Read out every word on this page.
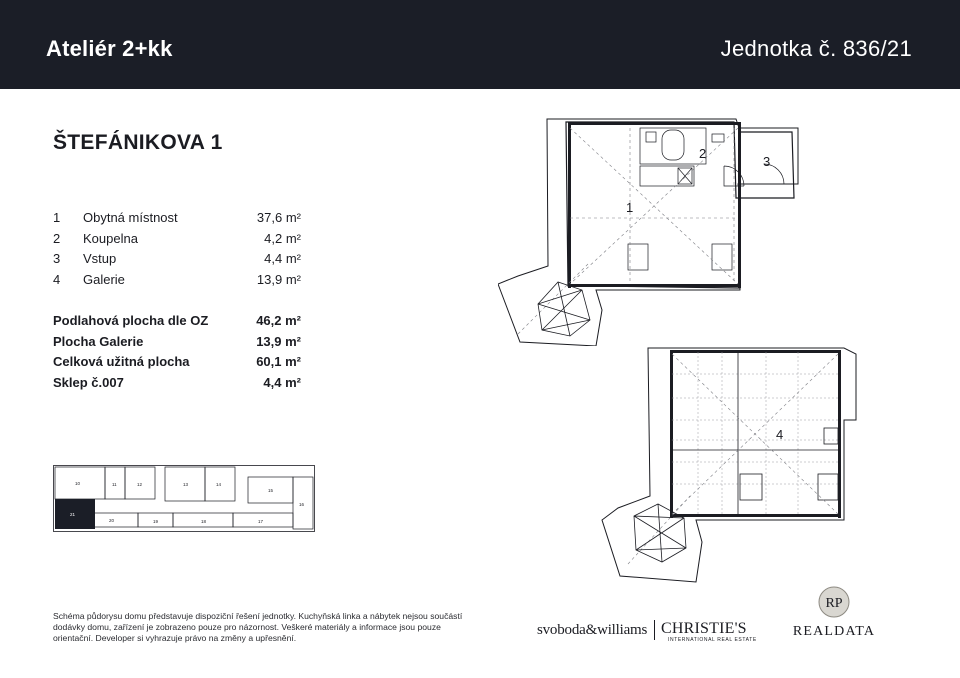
Ateliér 2+kk	Jednotka č. 836/21
ŠTEFÁNIKOVA 1
1 Obytná místnost	37,6 m²
2 Koupelna	4,2 m²
3 Vstup	4,4 m²
4 Galerie	13,9 m²
Podlahová plocha dle OZ	46,2 m²
Plocha Galerie	13,9 m²
Celková užitná plocha	60,1 m²
Sklep č.007	4,4 m²
10	11	12	13	14
15
16
17
18
19
20
21
1
2
3
4
Schéma půdorysu domu představuje dispoziční řešení jednotky. Kuchyňská linka a nábytek nejsou součástí dodávky domu, zařízení je zobrazeno pouze pro názornost. Veškeré materiály a informace jsou pouze orientační. Developer si vyhrazuje právo na změny a upřesnění.
svoboda&williams CHRISTIE'S
INTERNATIONAL REAL ESTATE
RP
REALDATA
